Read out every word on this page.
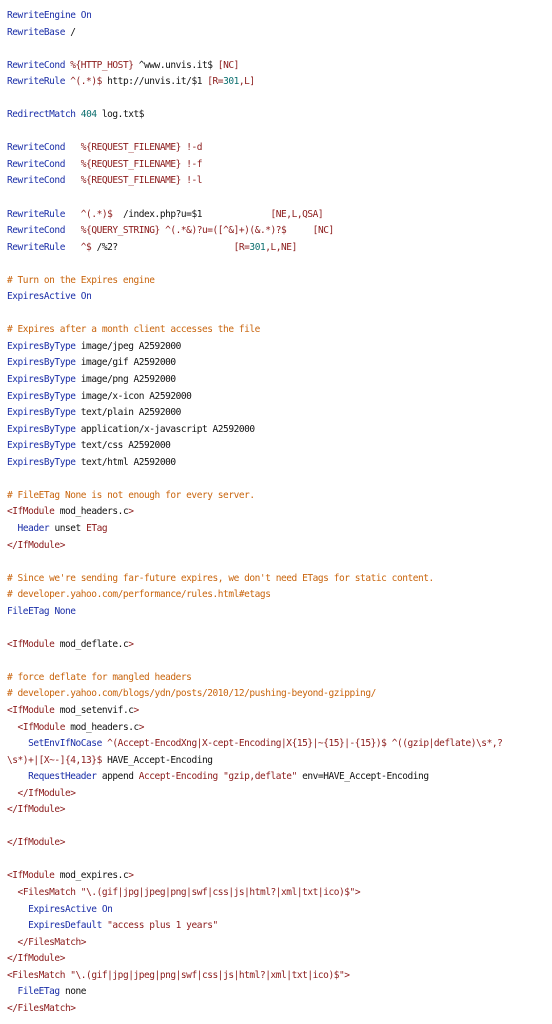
RewriteEngine On
RewriteBase /

RewriteCond %{HTTP_HOST} ^www.unvis.it$ [NC]
RewriteRule ^(.*)$ http://unvis.it/$1 [R=301,L]

RedirectMatch 404 log.txt$

RewriteCond %{REQUEST_FILENAME} !-d
RewriteCond %{REQUEST_FILENAME} !-f
RewriteCond %{REQUEST_FILENAME} !-l

RewriteRule ^(.*)$  /index.php?u=$1             [NE,L,QSA]
RewriteCond %{QUERY_STRING} ^(.*&)?u=([^&]+)(&.*)?$	[NC]
RewriteRule ^$ /%2?                      [R=301,L,NE]

# Turn on the Expires engine
ExpiresActive On

# Expires after a month client accesses the file
ExpiresByType image/jpeg A2592000
ExpiresByType image/gif A2592000
ExpiresByType image/png A2592000
ExpiresByType image/x-icon A2592000
ExpiresByType text/plain A2592000
ExpiresByType application/x-javascript A2592000
ExpiresByType text/css A2592000
ExpiresByType text/html A2592000

# FileETag None is not enough for every server.
<IfModule mod_headers.c>
Header unset ETag
</IfModule>

# Since we're sending far-future expires, we don't need ETags for static content.
# developer.yahoo.com/performance/rules.html#etags
FileETag None

<IfModule mod_deflate.c>

# force deflate for mangled headers
# developer.yahoo.com/blogs/ydn/posts/2010/12/pushing-beyond-gzipping/
<IfModule mod_setenvif.c>
<IfModule mod_headers.c>
SetEnvIfNoCase ^(Accept-EncodXng|X-cept-Encoding|X{15}|~{15}|-{15})$ ^((gzip|deflate)\s*,?
\s*)+|[X~-]{4,13}$ HAVE_Accept-Encoding
RequestHeader append Accept-Encoding "gzip,deflate" env=HAVE_Accept-Encoding
</IfModule>
</IfModule>

</IfModule>

<IfModule mod_expires.c>
<FilesMatch "\.(gif|jpg|jpeg|png|swf|css|js|html?|xml|txt|ico)$">
ExpiresActive On
ExpiresDefault "access plus 1 years"
</FilesMatch>
</IfModule>
<FilesMatch "\.(gif|jpg|jpeg|png|swf|css|js|html?|xml|txt|ico)$">
FileETag none
</FilesMatch>
